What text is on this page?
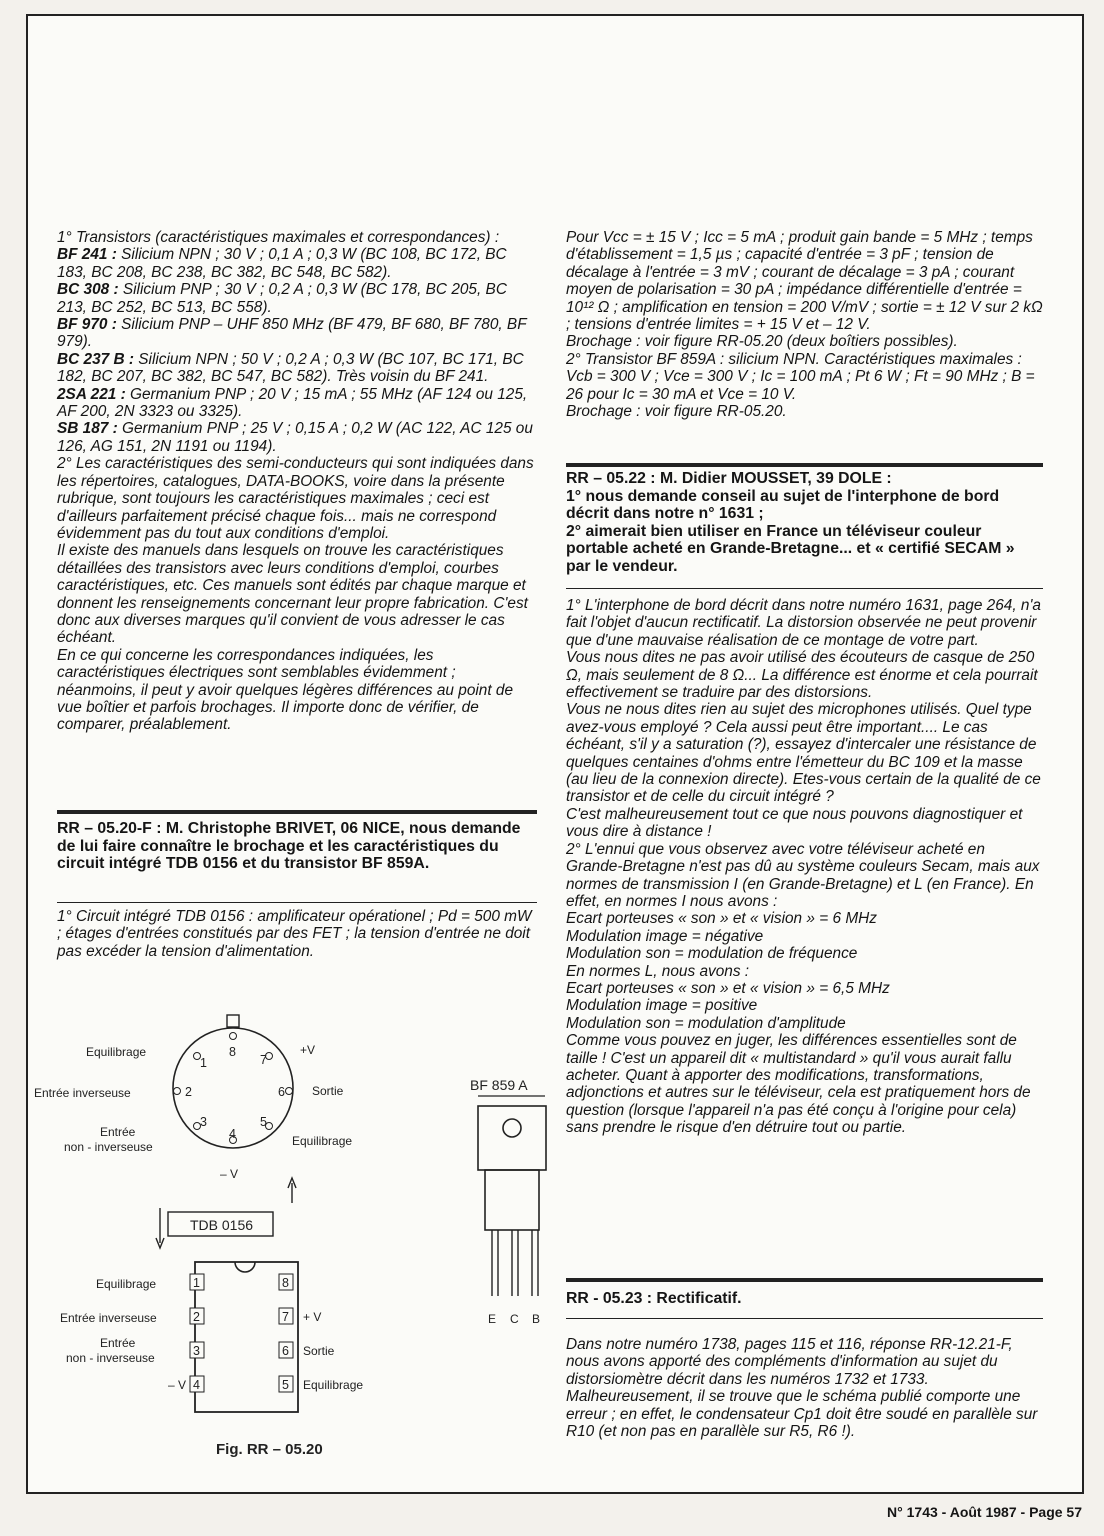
1° Transistors (caractéristiques maximales et correspondances) :

BF 241 : Silicium NPN ; 30 V ; 0,1 A ; 0,3 W (BC 108, BC 172, BC 183, BC 208, BC 238, BC 382, BC 548, BC 582).

BC 308 : Silicium PNP ; 30 V ; 0,2 A ; 0,3 W (BC 178, BC 205, BC 213, BC 252, BC 513, BC 558).

BF 970 : Silicium PNP – UHF 850 MHz (BF 479, BF 680, BF 780, BF 979).

BC 237 B : Silicium NPN ; 50 V ; 0,2 A ; 0,3 W (BC 107, BC 171, BC 182, BC 207, BC 382, BC 547, BC 582). Très voisin du BF 241.

2SA 221 : Germanium PNP ; 20 V ; 15 mA ; 55 MHz (AF 124 ou 125, AF 200, 2N 3323 ou 3325).

SB 187 : Germanium PNP ; 25 V ; 0,15 A ; 0,2 W (AC 122, AC 125 ou 126, AG 151, 2N 1191 ou 1194).

2° Les caractéristiques des semi-conducteurs qui sont indiquées dans les répertoires, catalogues, DATA-BOOKS, voire dans la présente rubrique, sont toujours les caractéristiques maximales ; ceci est d'ailleurs parfaitement précisé chaque fois... mais ne correspond évidemment pas du tout aux conditions d'emploi.

Il existe des manuels dans lesquels on trouve les caractéristiques détaillées des transistors avec leurs conditions d'emploi, courbes caractéristiques, etc. Ces manuels sont édités par chaque marque et donnent les renseignements concernant leur propre fabrication. C'est donc aux diverses marques qu'il convient de vous adresser le cas échéant.

En ce qui concerne les correspondances indiquées, les caractéristiques électriques sont semblables évidemment ; néanmoins, il peut y avoir quelques légères différences au point de vue boîtier et parfois brochages. Il importe donc de vérifier, de comparer, préalablement.

RR – 05.20-F : M. Christophe BRIVET, 06 NICE, nous demande de lui faire connaître le brochage et les caractéristiques du circuit intégré TDB 0156 et du transistor BF 859A.
1° Circuit intégré TDB 0156 : amplificateur opérationel ; Pd = 500 mW ; étages d'entrées constitués par des FET ; la tension d'entrée ne doit pas excéder la tension d'alimentation.
1
2
3
4
5
6
7
8
Equilibrage	+V
Entrée inverseuse	Sortie
Entrée
non - inverseuse	Equilibrage
– V
TDB 0156
1
2
3
4
8
7
6
5
Equilibrage
Entrée inverseuse
Entrée
non - inverseuse
– V
+ V
Sortie
Equilibrage
Fig. RR – 05.20
BF 859 A
E C B

Pour Vcc = ± 15 V ; Icc = 5 mA ; produit gain bande = 5 MHz ; temps d'établissement = 1,5 µs ; capacité d'entrée = 3 pF ; tension de décalage à l'entrée = 3 mV ; courant de décalage = 3 pA ; courant moyen de polarisation = 30 pA ; impédance différentielle d'entrée = 10¹² Ω ; amplification en tension = 200 V/mV ; sortie = ± 12 V sur 2 kΩ ; tensions d'entrée limites = + 15 V et – 12 V.

Brochage : voir figure RR-05.20 (deux boîtiers possibles).

2° Transistor BF 859A : silicium NPN. Caractéristiques maximales : Vcb = 300 V ; Vce = 300 V ; Ic = 100 mA ; Pt 6 W ; Ft = 90 MHz ; B = 26 pour Ic = 30 mA et Vce = 10 V.

Brochage : voir figure RR-05.20.

RR – 05.22 : M. Didier MOUSSET, 39 DOLE :

1° nous demande conseil au sujet de l'interphone de bord décrit dans notre n° 1631 ;

2° aimerait bien utiliser en France un téléviseur couleur portable acheté en Grande-Bretagne... et « certifié SECAM » par le vendeur.

1° L'interphone de bord décrit dans notre numéro 1631, page 264, n'a fait l'objet d'aucun rectificatif. La distorsion observée ne peut provenir que d'une mauvaise réalisation de ce montage de votre part.

Vous nous dites ne pas avoir utilisé des écouteurs de casque de 250 Ω, mais seulement de 8 Ω... La différence est énorme et cela pourrait effectivement se traduire par des distorsions.

Vous ne nous dites rien au sujet des microphones utilisés. Quel type avez-vous employé ? Cela aussi peut être important.... Le cas échéant, s'il y a saturation (?), essayez d'intercaler une résistance de quelques centaines d'ohms entre l'émetteur du BC 109 et la masse (au lieu de la connexion directe). Etes-vous certain de la qualité de ce transistor et de celle du circuit intégré ?

C'est malheureusement tout ce que nous pouvons diagnostiquer et vous dire à distance !

2° L'ennui que vous observez avec votre téléviseur acheté en Grande-Bretagne n'est pas dû au système couleurs Secam, mais aux normes de transmission I (en Grande-Bretagne) et L (en France). En effet, en normes I nous avons :

Ecart porteuses « son » et « vision » = 6 MHz

Modulation image = négative

Modulation son = modulation de fréquence

En normes L, nous avons :

Ecart porteuses « son » et « vision » = 6,5 MHz

Modulation image = positive

Modulation son = modulation d'amplitude

Comme vous pouvez en juger, les différences essentielles sont de taille ! C'est un appareil dit « multistandard » qu'il vous aurait fallu acheter. Quant à apporter des modifications, transformations, adjonctions et autres sur le téléviseur, cela est pratiquement hors de question (lorsque l'appareil n'a pas été conçu à l'origine pour cela) sans prendre le risque d'en détruire tout ou partie.

RR - 05.23 : Rectificatif.
Dans notre numéro 1738, pages 115 et 116, réponse RR-12.21-F, nous avons apporté des compléments d'information au sujet du distorsiomètre décrit dans les numéros 1732 et 1733. Malheureusement, il se trouve que le schéma publié comporte une erreur ; en effet, le condensateur Cp1 doit être soudé en parallèle sur R10 (et non pas en parallèle sur R5, R6 !).
N° 1743 - Août 1987 - Page 57
